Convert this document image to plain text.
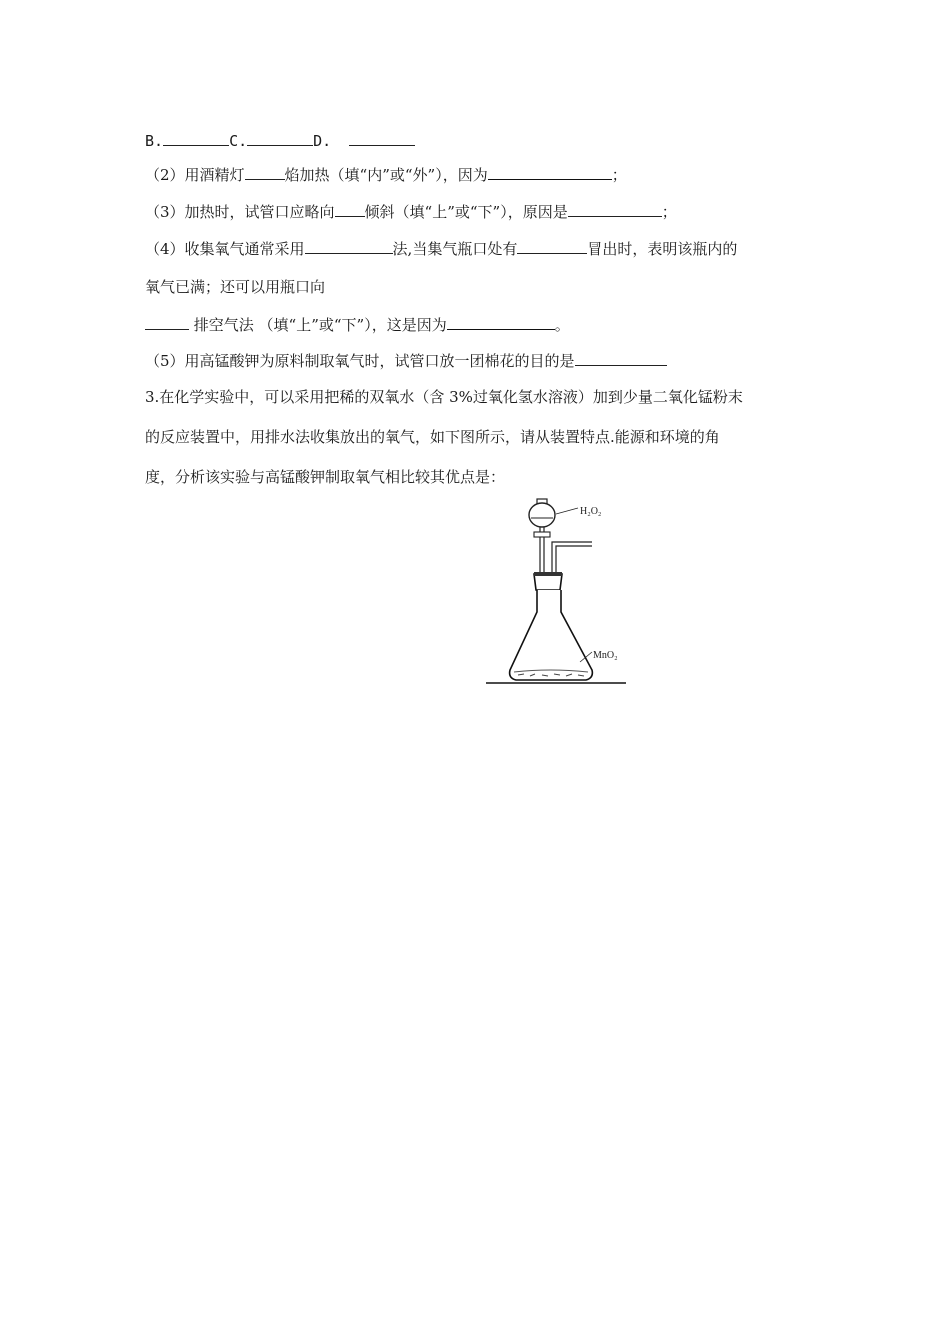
B.	C.	D.
（2）用酒精灯	焰加热（填“内”或“外”），因为	；
（3）加热时，试管口应略向 倾斜（填“上”或“下”），原因是	；
（4）收集氧气通常采用	法,当集气瓶口处有	冒出时，表明该瓶内的
氧气已满；还可以用瓶口向
排空气法 （填“上”或“下”），这是因为	。
（5）用高锰酸钾为原料制取氧气时，试管口放一团棉花的目的是
3.在化学实验中，可以采用把稀的双氧水（含 3%过氧化氢水溶液）加到少量二氧化锰粉末
的反应装置中，用排水法收集放出的氧气，如下图所示，请从装置特点.能源和环境的角
度，分析该实验与高锰酸钾制取氧气相比较其优点是：
H₂O₂
MnO₂
